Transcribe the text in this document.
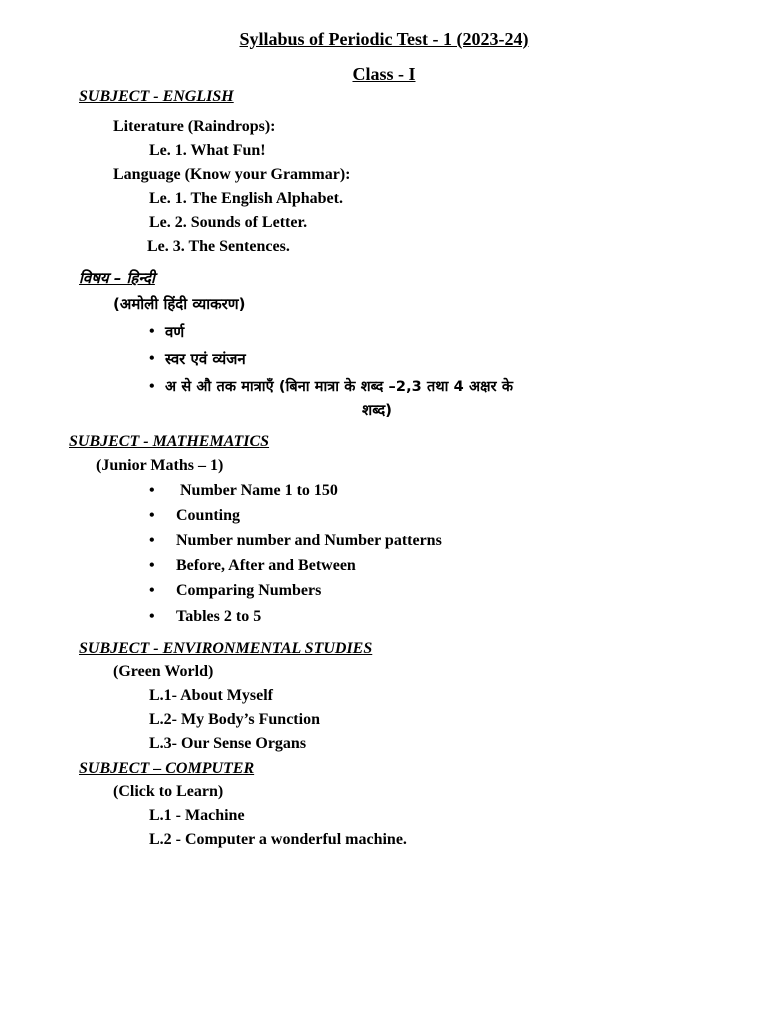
Syllabus of Periodic Test - 1 (2023-24)
Class - I
SUBJECT - ENGLISH
Literature (Raindrops):
Le. 1. What Fun!
Language (Know your Grammar):
Le. 1. The English Alphabet.
Le. 2. Sounds of Letter.
Le. 3. The Sentences.
विषय – हिन्दी
(अमोली हिंदी व्याकरण)
• वर्ण
• स्वर एवं व्यंजन
• अ से औ तक मात्राएँ (बिना मात्रा के शब्द –2,3 तथा 4 अक्षर के
शब्द)
SUBJECT - MATHEMATICS
(Junior Maths – 1)
• Number Name 1 to 150
• Counting
• Number number and Number patterns
• Before, After and Between
• Comparing Numbers
• Tables 2 to 5
SUBJECT - ENVIRONMENTAL STUDIES
(Green World)
L.1- About Myself
L.2- My Body’s Function
L.3- Our Sense Organs
SUBJECT – COMPUTER
(Click to Learn)
L.1 - Machine
L.2 - Computer a wonderful machine.
